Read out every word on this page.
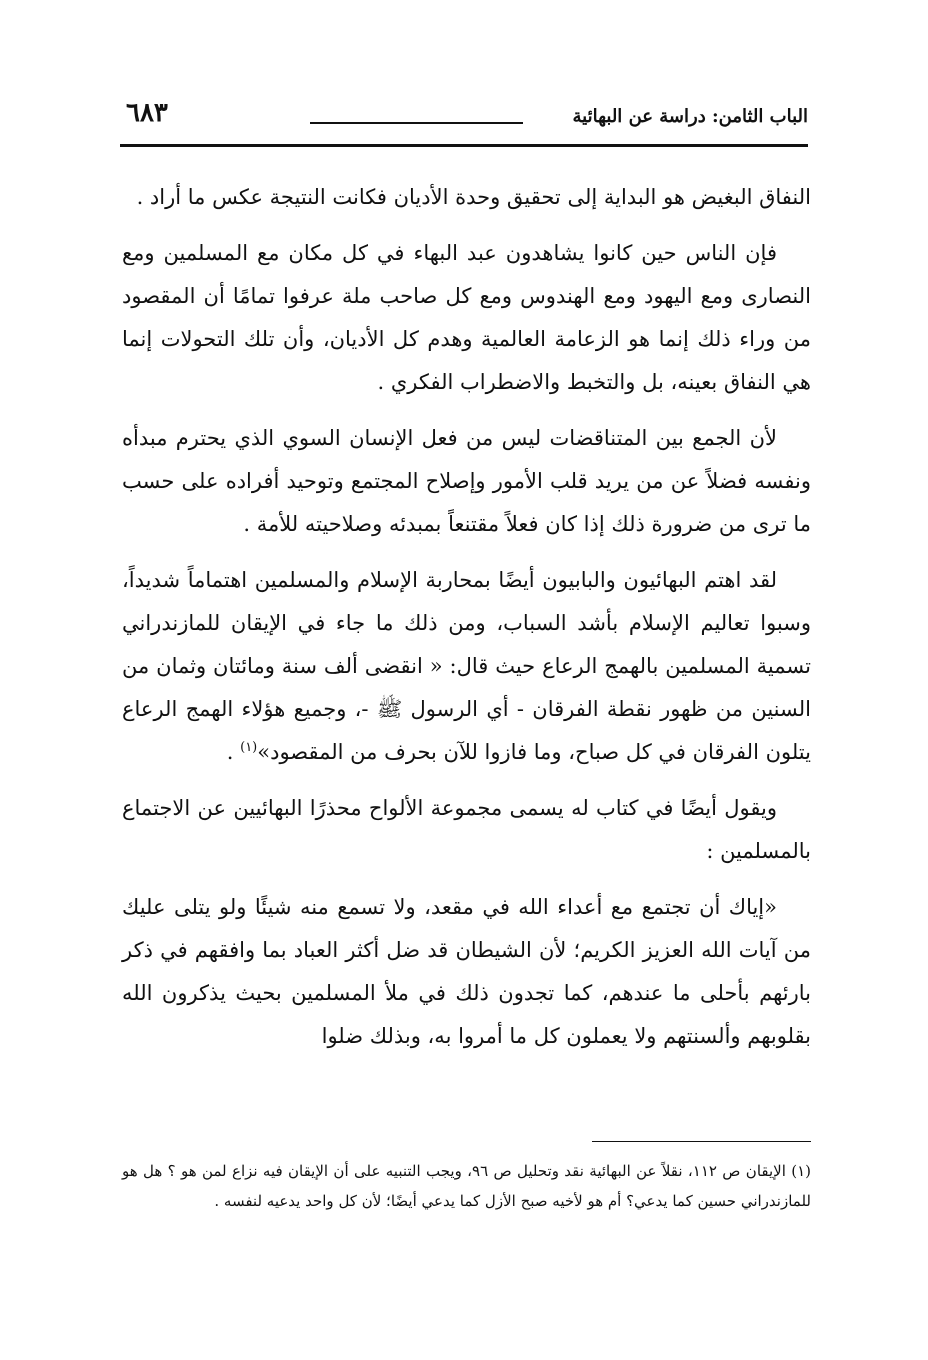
الباب الثامن: دراسة عن البهائية
٦٨٣

النفاق البغيض هو البداية إلى تحقيق وحدة الأديان فكانت النتيجة عكس ما أراد .

فإن الناس حين كانوا يشاهدون عبد البهاء في كل مكان مع المسلمين ومع النصارى ومع اليهود ومع الهندوس ومع كل صاحب ملة عرفوا تمامًا أن المقصود من وراء ذلك إنما هو الزعامة العالمية وهدم كل الأديان، وأن تلك التحولات إنما هي النفاق بعينه، بل والتخبط والاضطراب الفكري .

لأن الجمع بين المتناقضات ليس من فعل الإنسان السوي الذي يحترم مبدأه ونفسه فضلاً عن من يريد قلب الأمور وإصلاح المجتمع وتوحيد أفراده على حسب ما ترى من ضرورة ذلك إذا كان فعلاً مقتنعاً بمبدئه وصلاحيته للأمة .

لقد اهتم البهائيون والبابيون أيضًا بمحاربة الإسلام والمسلمين اهتماماً شديداً، وسبوا تعاليم الإسلام بأشد السباب، ومن ذلك ما جاء في الإيقان للمازندراني تسمية المسلمين بالهمج الرعاع حيث قال: « انقضى ألف سنة ومائتان وثمان من السنين من ظهور نقطة الفرقان - أي الرسول ﷺ -، وجميع هؤلاء الهمج الرعاع يتلون الفرقان في كل صباح، وما فازوا للآن بحرف من المقصود»$^{(١)}$ .

ويقول أيضًا في كتاب له يسمى مجموعة الألواح محذرًا البهائيين عن الاجتماع بالمسلمين :

«إياك أن تجتمع مع أعداء الله في مقعد، ولا تسمع منه شيئًا ولو يتلى عليك من آيات الله العزيز الكريم؛ لأن الشيطان قد ضل أكثر العباد بما وافقهم في ذكر بارئهم بأحلى ما عندهم، كما تجدون ذلك في ملأ المسلمين بحيث يذكرون الله بقلوبهم وألسنتهم ولا يعملون كل ما أمروا به، وبذلك ضلوا

(١) الإيقان ص ١١٢، نقلاً عن البهائية نقد وتحليل ص ٩٦، ويجب التنبيه على أن الإيقان فيه نزاع لمن هو ؟ هل هو للمازندراني حسين كما يدعي؟ أم هو لأخيه صبح الأزل كما يدعي أيضًا؛ لأن كل واحد يدعيه لنفسه .
